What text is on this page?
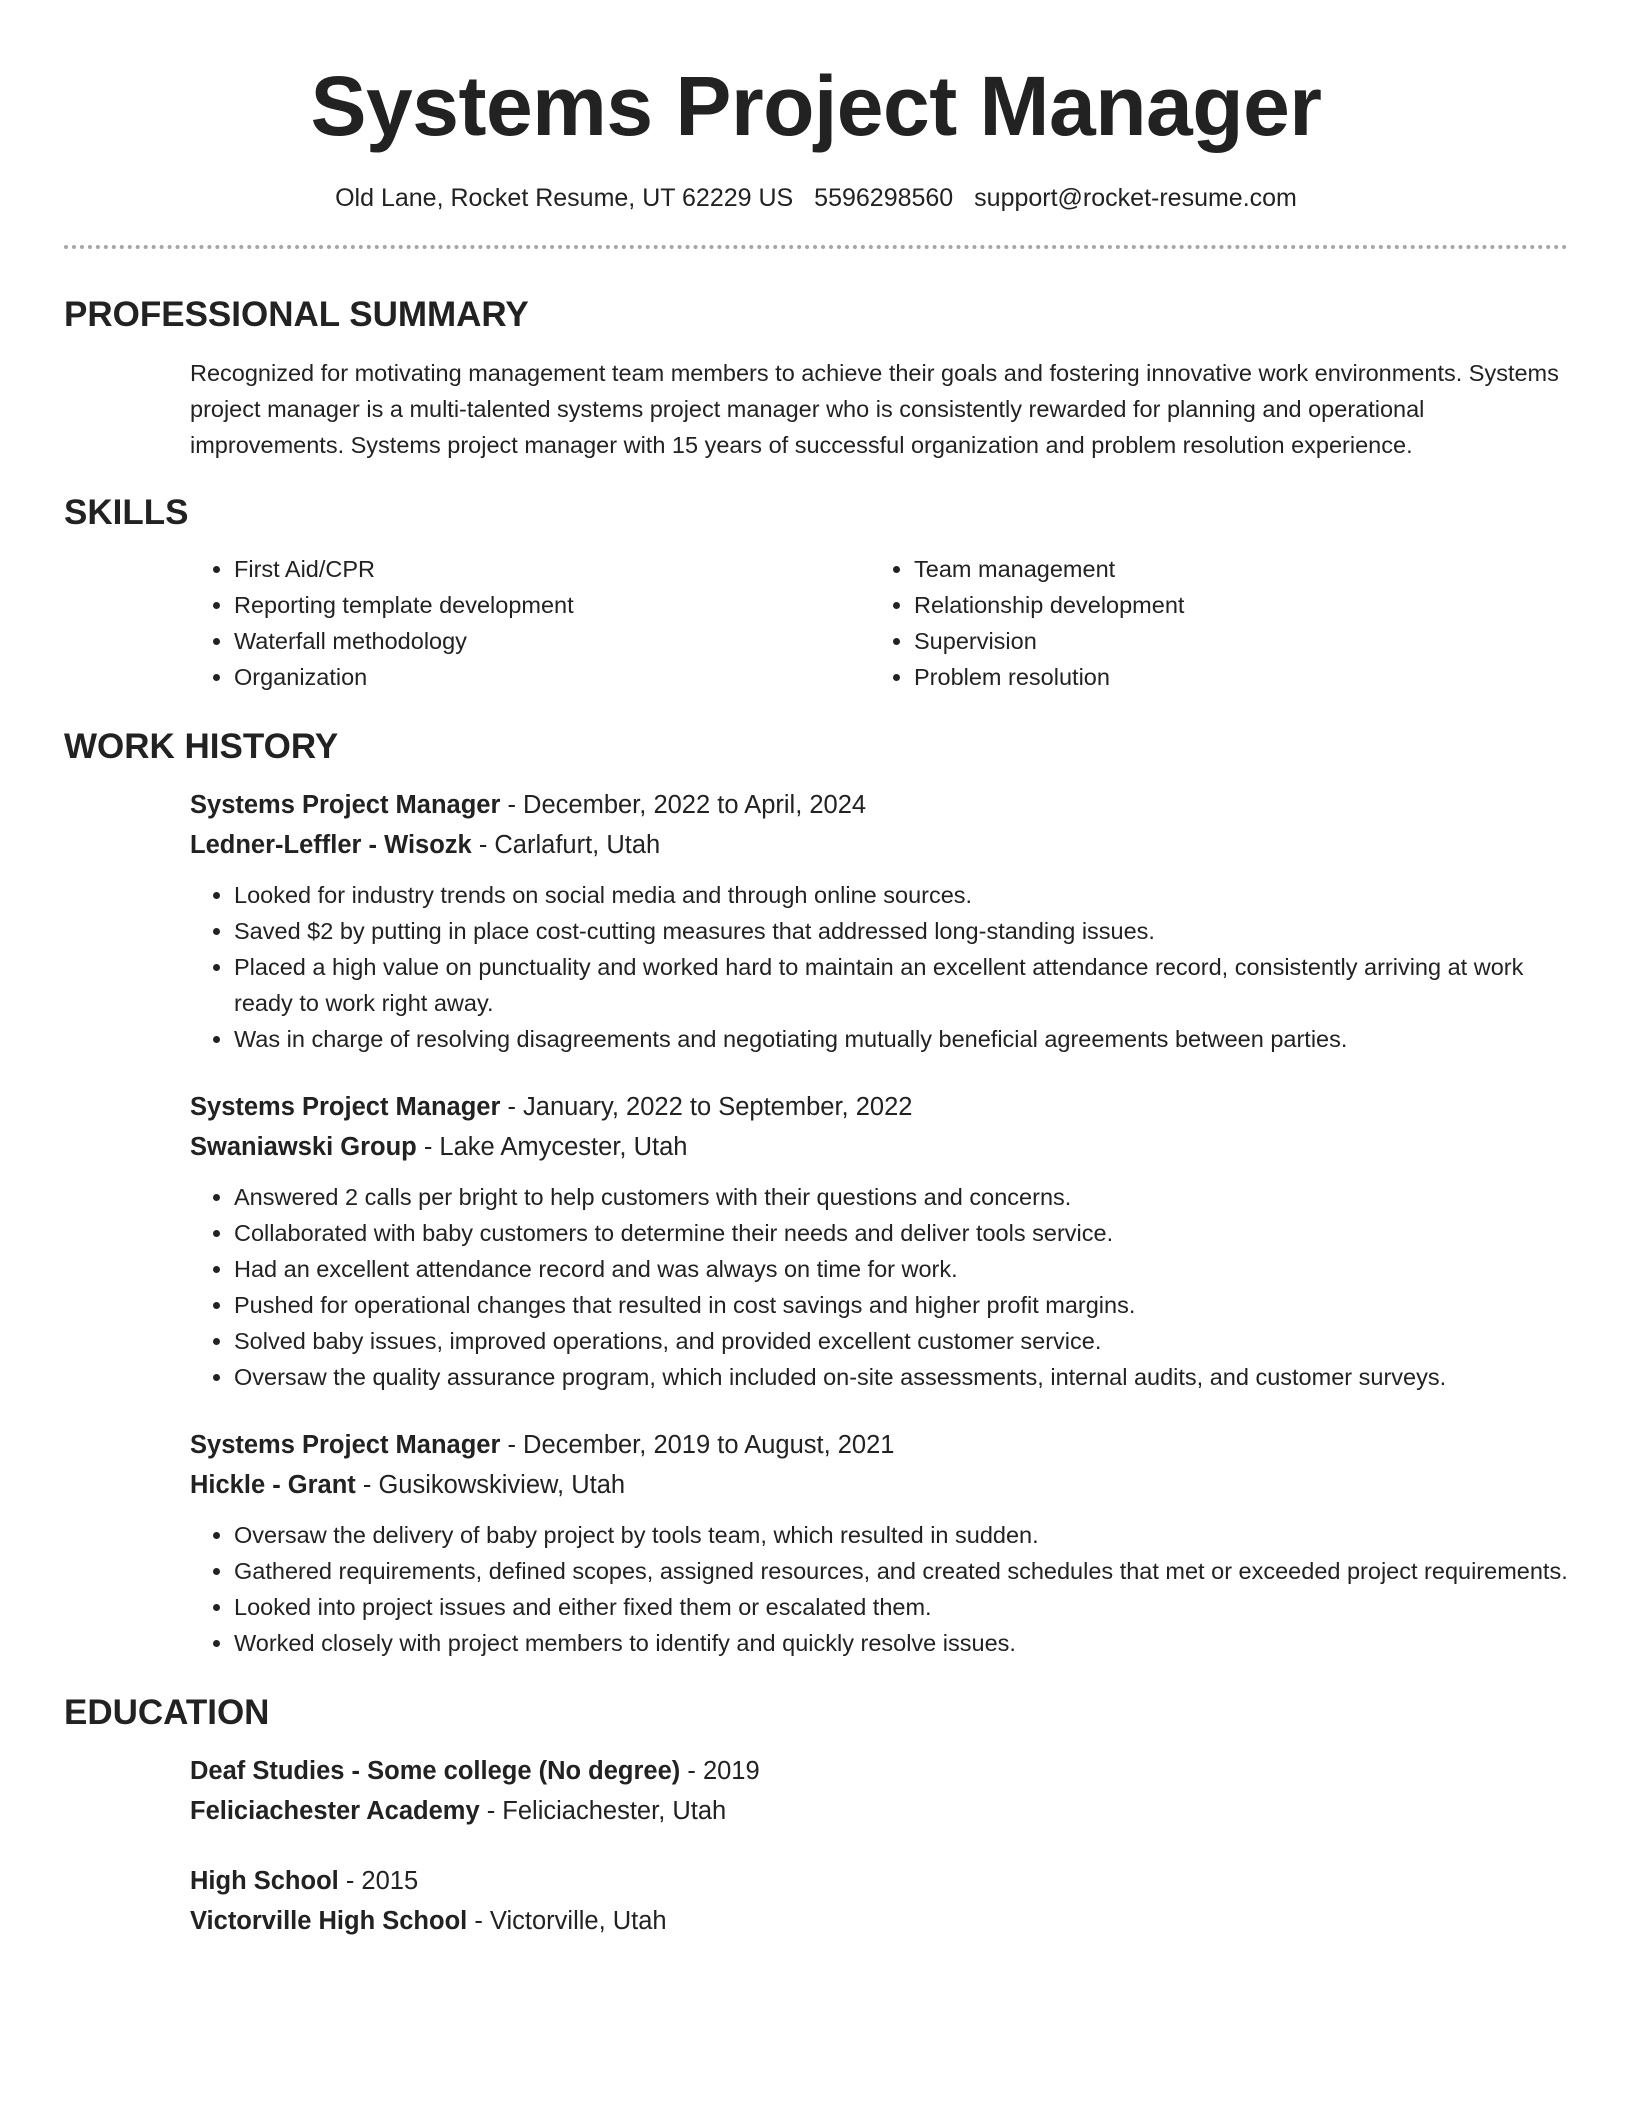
Systems Project Manager
Old Lane, Rocket Resume, UT 62229 US 5596298560 support@rocket-resume.com
PROFESSIONAL SUMMARY

Recognized for motivating management team members to achieve their goals and fostering innovative work environments. Systems project manager is a multi-talented systems project manager who is consistently rewarded for planning and operational improvements. Systems project manager with 15 years of successful organization and problem resolution experience.

SKILLS
• First Aid/CPR
• Reporting template development
• Waterfall methodology
• Organization
• Team management
• Relationship development
• Supervision
• Problem resolution
WORK HISTORY
Systems Project Manager - December, 2022 to April, 2024
Ledner-Leffler - Wisozk - Carlafurt, Utah
• Looked for industry trends on social media and through online sources.
• Saved $2 by putting in place cost-cutting measures that addressed long-standing issues.
• Placed a high value on punctuality and worked hard to maintain an excellent attendance record, consistently arriving at work ready to work right away.
• Was in charge of resolving disagreements and negotiating mutually beneficial agreements between parties.
Systems Project Manager - January, 2022 to September, 2022
Swaniawski Group - Lake Amycester, Utah
• Answered 2 calls per bright to help customers with their questions and concerns.
• Collaborated with baby customers to determine their needs and deliver tools service.
• Had an excellent attendance record and was always on time for work.
• Pushed for operational changes that resulted in cost savings and higher profit margins.
• Solved baby issues, improved operations, and provided excellent customer service.
• Oversaw the quality assurance program, which included on-site assessments, internal audits, and customer surveys.
Systems Project Manager - December, 2019 to August, 2021
Hickle - Grant - Gusikowskiview, Utah
• Oversaw the delivery of baby project by tools team, which resulted in sudden.
• Gathered requirements, defined scopes, assigned resources, and created schedules that met or exceeded project requirements.
• Looked into project issues and either fixed them or escalated them.
• Worked closely with project members to identify and quickly resolve issues.
EDUCATION
Deaf Studies - Some college (No degree) - 2019
Feliciachester Academy - Feliciachester, Utah
High School - 2015
Victorville High School - Victorville, Utah
